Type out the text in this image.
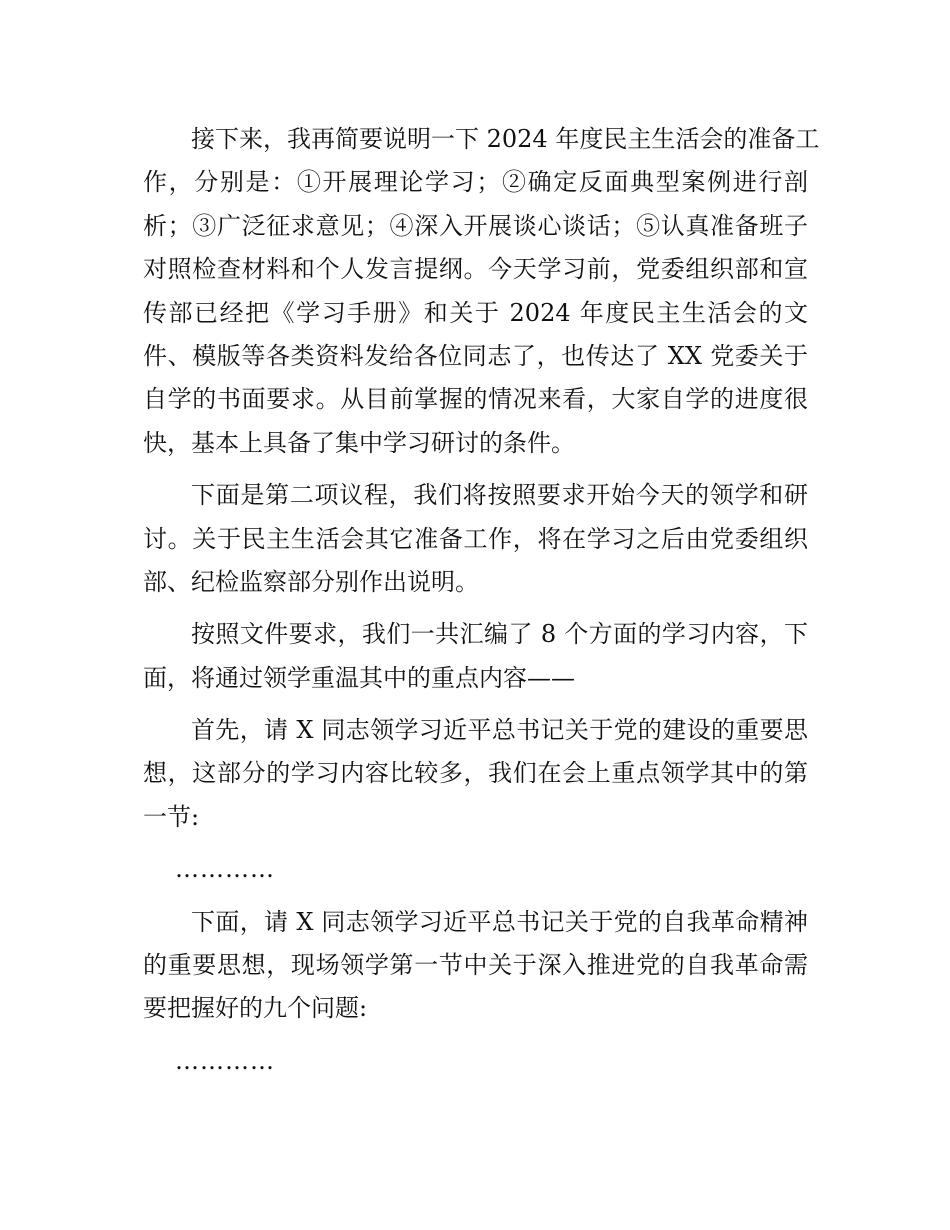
接下来，我再简要说明一下 2024 年度民主生活会的准备工
作，分别是：①开展理论学习；②确定反面典型案例进行剖
析；③广泛征求意见；④深入开展谈心谈话；⑤认真准备班子
对照检查材料和个人发言提纲。今天学习前，党委组织部和宣
传部已经把《学习手册》和关于 2024 年度民主生活会的文
件、模版等各类资料发给各位同志了，也传达了 XX 党委关于
自学的书面要求。从目前掌握的情况来看，大家自学的进度很
快，基本上具备了集中学习研讨的条件。
下面是第二项议程，我们将按照要求开始今天的领学和研
讨。关于民主生活会其它准备工作，将在学习之后由党委组织
部、纪检监察部分别作出说明。
按照文件要求，我们一共汇编了 8 个方面的学习内容，下
面，将通过领学重温其中的重点内容——
首先，请 X 同志领学习近平总书记关于党的建设的重要思
想，这部分的学习内容比较多，我们在会上重点领学其中的第
一节:
…………
下面，请 X 同志领学习近平总书记关于党的自我革命精神
的重要思想，现场领学第一节中关于深入推进党的自我革命需
要把握好的九个问题:
…………
